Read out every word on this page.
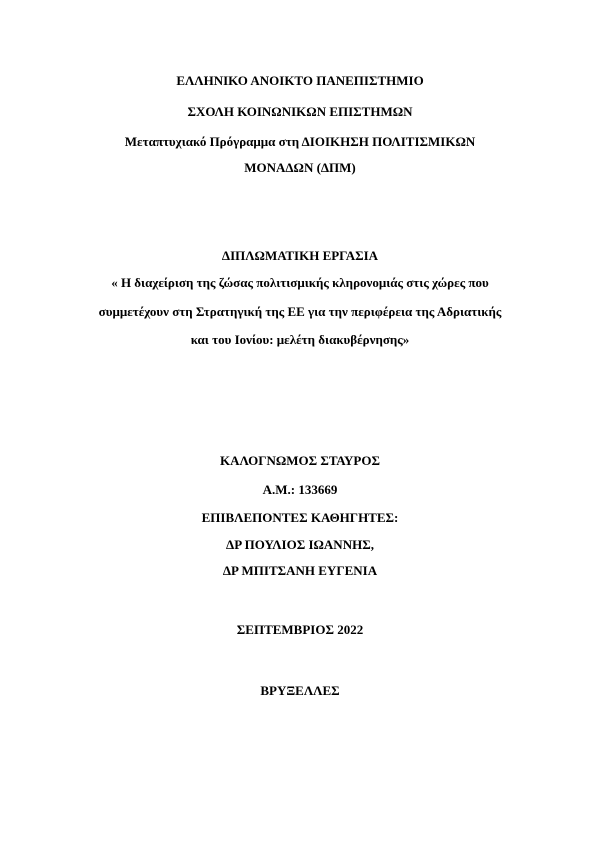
ΕΛΛΗΝΙΚΟ ΑΝΟΙΚΤΟ ΠΑΝΕΠΙΣΤΗΜΙΟ
ΣΧΟΛΗ ΚΟΙΝΩΝΙΚΩΝ ΕΠΙΣΤΗΜΩΝ
Μεταπτυχιακό Πρόγραμμα στη ΔΙΟΙΚΗΣΗ ΠΟΛΙΤΙΣΜΙΚΩΝ
ΜΟΝΑΔΩΝ (ΔΠΜ)
ΔΙΠΛΩΜΑΤΙΚΗ ΕΡΓΑΣΙΑ
« Η διαχείριση της ζώσας πολιτισμικής κληρονομιάς στις χώρες που
συμμετέχουν στη Στρατηγική της ΕΕ για την περιφέρεια της Αδριατικής
και του Ιονίου: μελέτη διακυβέρνησης»
ΚΑΛΟΓΝΩΜΟΣ ΣΤΑΥΡΟΣ
Α.Μ.: 133669
ΕΠΙΒΛΕΠΟΝΤΕΣ ΚΑΘΗΓΗΤΕΣ:
ΔΡ ΠΟΥΛΙΟΣ ΙΩΑΝΝΗΣ,
ΔΡ ΜΠΙΤΣΑΝΗ ΕΥΓΕΝΙΑ
ΣΕΠΤΕΜΒΡΙΟΣ 2022
ΒΡΥΞΕΛΛΕΣ
